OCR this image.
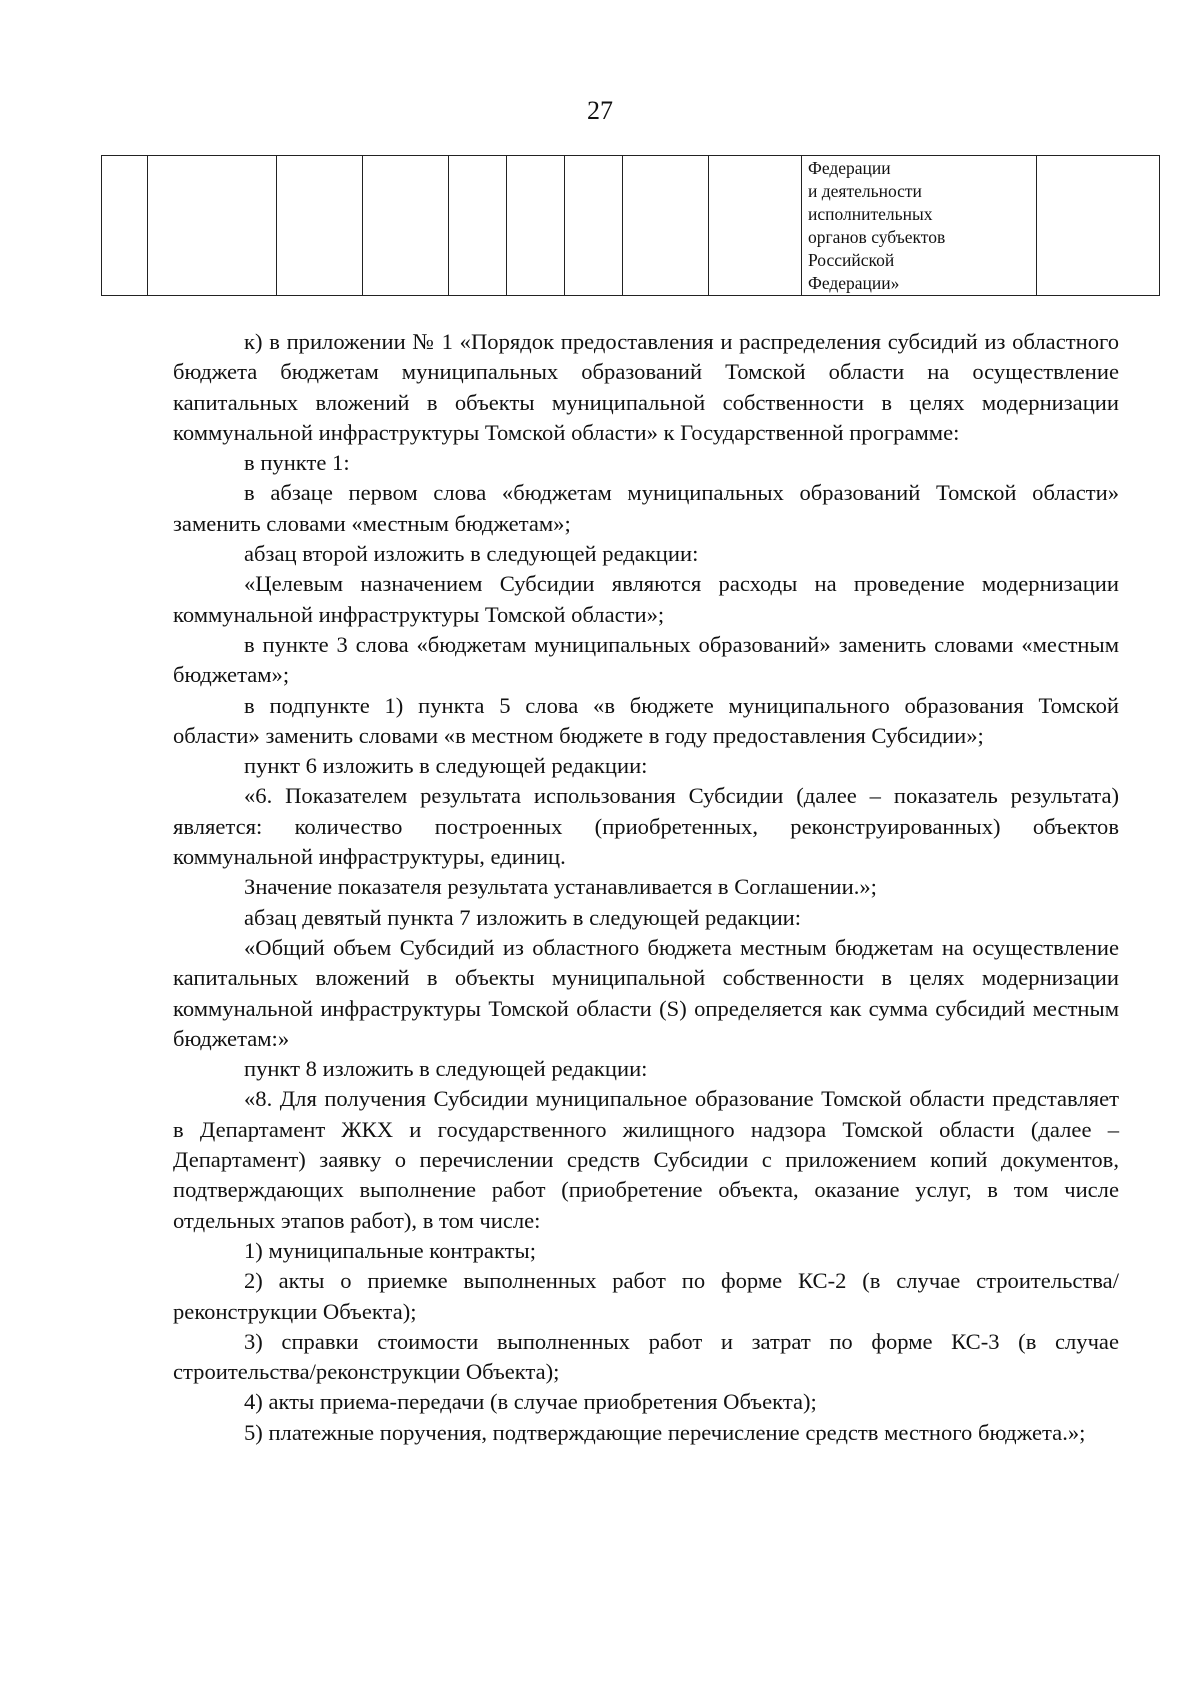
27

Федерации
и деятельности
исполнительных
органов субъектов
Российской
Федерации»

к) в приложении № 1 «Порядок предоставления и распределения субсидий из областного бюджета бюджетам муниципальных образований Томской области на осуществление капитальных вложений в объекты муниципальной собственности в целях модернизации коммунальной инфраструктуры Томской области» к Государственной программе:

в пункте 1:

в абзаце первом слова «бюджетам муниципальных образований Томской области» заменить словами «местным бюджетам»;

абзац второй изложить в следующей редакции:

«Целевым назначением Субсидии являются расходы на проведение модернизации коммунальной инфраструктуры Томской области»;

в пункте 3 слова «бюджетам муниципальных образований» заменить словами «местным бюджетам»;

в подпункте 1) пункта 5 слова «в бюджете муниципального образования Томской области» заменить словами «в местном бюджете в году предоставления Субсидии»;

пункт 6 изложить в следующей редакции:

«6. Показателем результата использования Субсидии (далее – показатель результата) является: количество построенных (приобретенных, реконструированных) объектов коммунальной инфраструктуры, единиц.

Значение показателя результата устанавливается в Соглашении.»;

абзац девятый пункта 7 изложить в следующей редакции:

«Общий объем Субсидий из областного бюджета местным бюджетам на осуществление капитальных вложений в объекты муниципальной собственности в целях модернизации коммунальной инфраструктуры Томской области (S) определяется как сумма субсидий местным бюджетам:»

пункт 8 изложить в следующей редакции:

«8. Для получения Субсидии муниципальное образование Томской области представляет в Департамент ЖКХ и государственного жилищного надзора Томской области (далее – Департамент) заявку о перечислении средств Субсидии с приложением копий документов, подтверждающих выполнение работ (приобретение объекта, оказание услуг, в том числе отдельных этапов работ), в том числе:

1) муниципальные контракты;

2) акты о приемке выполненных работ по форме КС-2 (в случае строительства/реконструкции Объекта);

3) справки стоимости выполненных работ и затрат по форме КС-3 (в случае строительства/реконструкции Объекта);

4) акты приема-передачи (в случае приобретения Объекта);

5) платежные поручения, подтверждающие перечисление средств местного бюджета.»;
